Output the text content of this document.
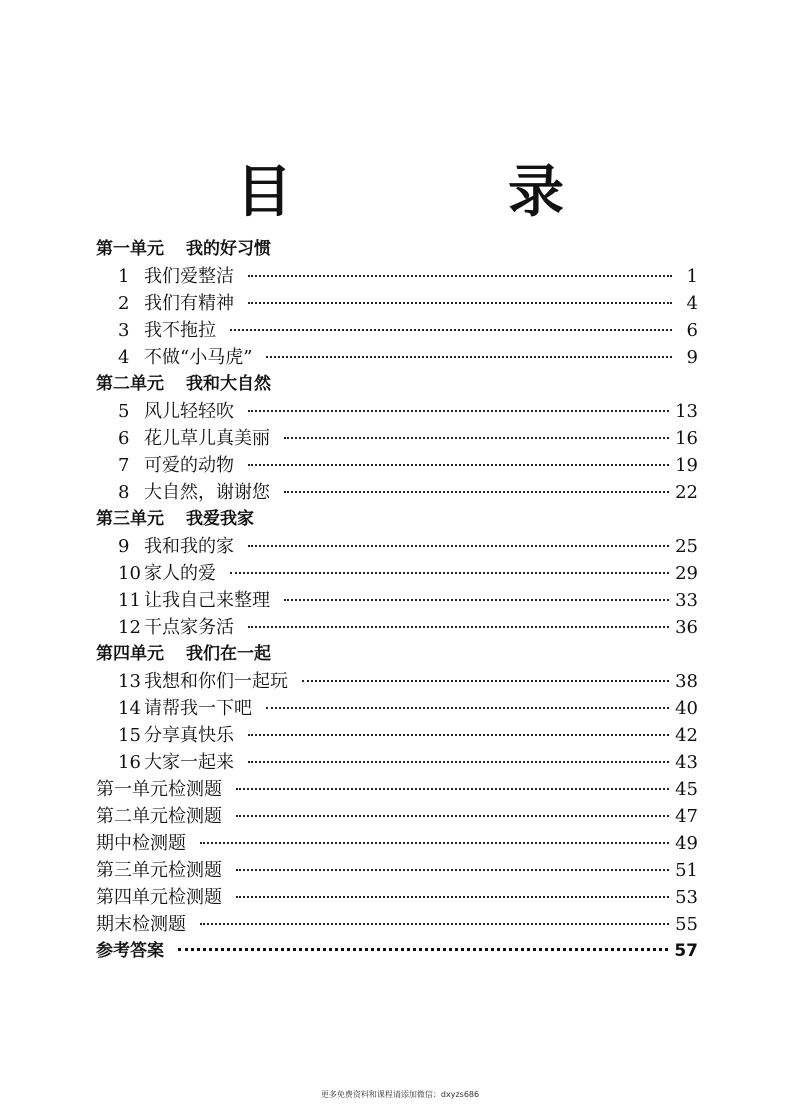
目　录
第一单元 我的好习惯
1 我们爱整洁	1
2 我们有精神	4
3 我不拖拉	6
4 不做“小马虎”	9
第二单元 我和大自然
5 风儿轻轻吹	13
6 花儿草儿真美丽	16
7 可爱的动物	19
8 大自然，谢谢您	22
第三单元 我爱我家
9 我和我的家	25
10 家人的爱	29
11 让我自己来整理	33
12 干点家务活	36
第四单元 我们在一起
13 我想和你们一起玩	38
14 请帮我一下吧	40
15 分享真快乐	42
16 大家一起来	43
第一单元检测题	45
第二单元检测题	47
期中检测题	49
第三单元检测题	51
第四单元检测题	53
期末检测题	55
参考答案	57
更多免费资料和课程请添加微信：dxyzs686
